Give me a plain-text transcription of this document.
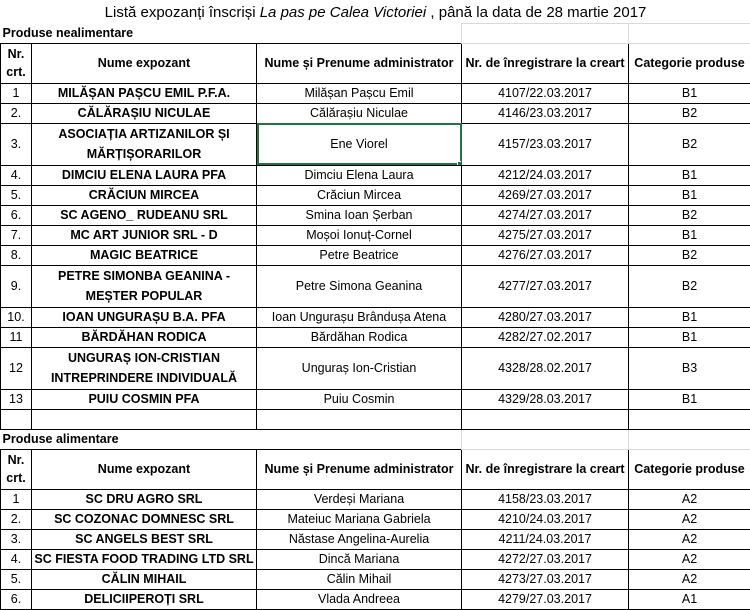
Listă expozanți înscriși La pas pe Calea Victoriei , până la data de 28 martie 2017				
Produse nealimentare				
Nr. crt.	Nume expozant	Nume și Prenume administrator	Nr. de înregistrare la creart	Categorie produse
1	MILĂȘAN PAȘCU EMIL P.F.A.	Milășan Pașcu Emil	4107/22.03.2017	B1
2.	CĂLĂRAȘIU NICULAE	Călărașiu Niculae	4146/23.03.2017	B2
3.	ASOCIAȚIA ARTIZANILOR ȘI MĂRȚIȘORARILOR	Ene Viorel	4157/23.03.2017	B2
4.	DIMCIU ELENA LAURA PFA	Dimciu Elena Laura	4212/24.03.2017	B1
5.	CRĂCIUN MIRCEA	Crăciun Mircea	4269/27.03.2017	B1
6.	SC AGENO_ RUDEANU SRL	Smina Ioan Șerban	4274/27.03.2017	B2
7.	MC ART JUNIOR SRL - D	Moșoi Ionuț-Cornel	4275/27.03.2017	B1
8.	MAGIC BEATRICE	Petre Beatrice	4276/27.03.2017	B2
9.	PETRE SIMONBA GEANINA - MEȘTER POPULAR	Petre Simona Geanina	4277/27.03.2017	B2
10.	IOAN UNGURAȘU B.A. PFA	Ioan Ungurașu Brândușa Atena	4280/27.03.2017	B1
11	BĂRDĂHAN RODICA	Bărdăhan Rodica	4282/27.02.2017	B1
12	UNGURAȘ ION-CRISTIAN INTREPRINDERE INDIVIDUALĂ	Unguraș Ion-Cristian	4328/28.02.2017	B3
13	PUIU COSMIN PFA	Puiu Cosmin	4329/28.03.2017	B1

Produse alimentare				
Nr. crt.	Nume expozant	Nume și Prenume administrator	Nr. de înregistrare la creart	Categorie produse
1	SC DRU AGRO SRL	Verdeși Mariana	4158/23.03.2017	A2
2.	SC COZONAC DOMNESC SRL	Mateiuc Mariana Gabriela	4210/24.03.2017	A2
3.	SC ANGELS BEST SRL	Năstase Angelina-Aurelia	4211/24.03.2017	A2
4.	SC FIESTA FOOD TRADING LTD SRL	Dincă Mariana	4272/27.03.2017	A2
5.	CĂLIN MIHAIL	Călin Mihail	4273/27.03.2017	A2
6.	DELICIIPEROȚI SRL	Vlada Andreea	4279/27.03.2017	A1
